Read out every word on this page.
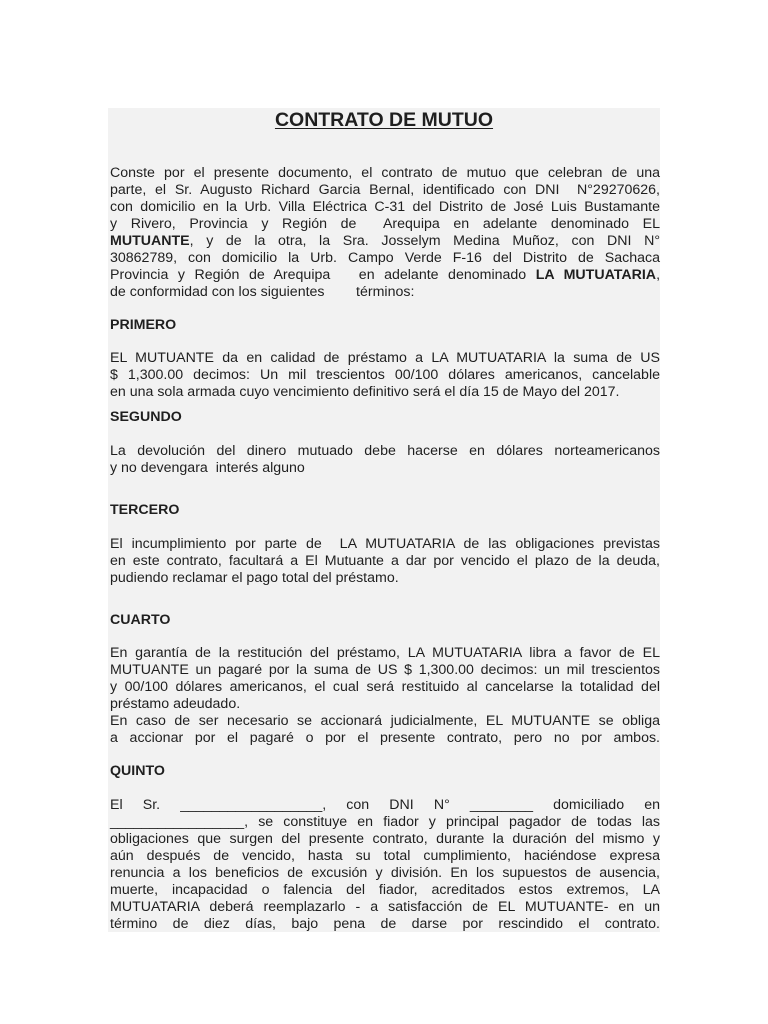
CONTRATO DE MUTUO
Conste por el presente documento, el contrato de mutuo que celebran de una
parte, el Sr. Augusto Richard Garcia Bernal, identificado con DNI  N°29270626,
con domicilio en la Urb. Villa Eléctrica C-31 del Distrito de José Luis Bustamante
y Rivero, Provincia y Región de  Arequipa en adelante denominado EL
MUTUANTE, y de la otra, la Sra. Josselym Medina Muñoz, con DNI N°
30862789, con domicilio la Urb. Campo Verde F-16 del Distrito de Sachaca
Provincia y Región de Arequipa   en adelante denominado LA MUTUATARIA,
de conformidad con los siguientes        términos:
PRIMERO
EL MUTUANTE da en calidad de préstamo a LA MUTUATARIA la suma de US
$ 1,300.00 decimos: Un mil trescientos 00/100 dólares americanos, cancelable
en una sola armada cuyo vencimiento definitivo será el día 15 de Mayo del 2017.
SEGUNDO
La devolución del dinero mutuado debe hacerse en dólares norteamericanos
y no devengara  interés alguno
TERCERO
El incumplimiento por parte de  LA MUTUATARIA de las obligaciones previstas
en este contrato, facultará a El Mutuante a dar por vencido el plazo de la deuda,
pudiendo reclamar el pago total del préstamo.
CUARTO
En garantía de la restitución del préstamo, LA MUTUATARIA libra a favor de EL
MUTUANTE un pagaré por la suma de US $ 1,300.00 decimos: un mil trescientos
y 00/100 dólares americanos, el cual será restituido al cancelarse la totalidad del
préstamo adeudado.
En caso de ser necesario se accionará judicialmente, EL MUTUANTE se obliga
a accionar por el pagaré o por el presente contrato, pero no por ambos.
QUINTO
El Sr. __________________, con DNI N° ________ domiciliado en
_________________, se constituye en fiador y principal pagador de todas las
obligaciones que surgen del presente contrato, durante la duración del mismo y
aún después de vencido, hasta su total cumplimiento, haciéndose expresa
renuncia a los beneficios de excusión y división. En los supuestos de ausencia,
muerte, incapacidad o falencia del fiador, acreditados estos extremos, LA
MUTUATARIA deberá reemplazarlo - a satisfacción de EL MUTUANTE- en un
término de diez días, bajo pena de darse por rescindido el contrato.
